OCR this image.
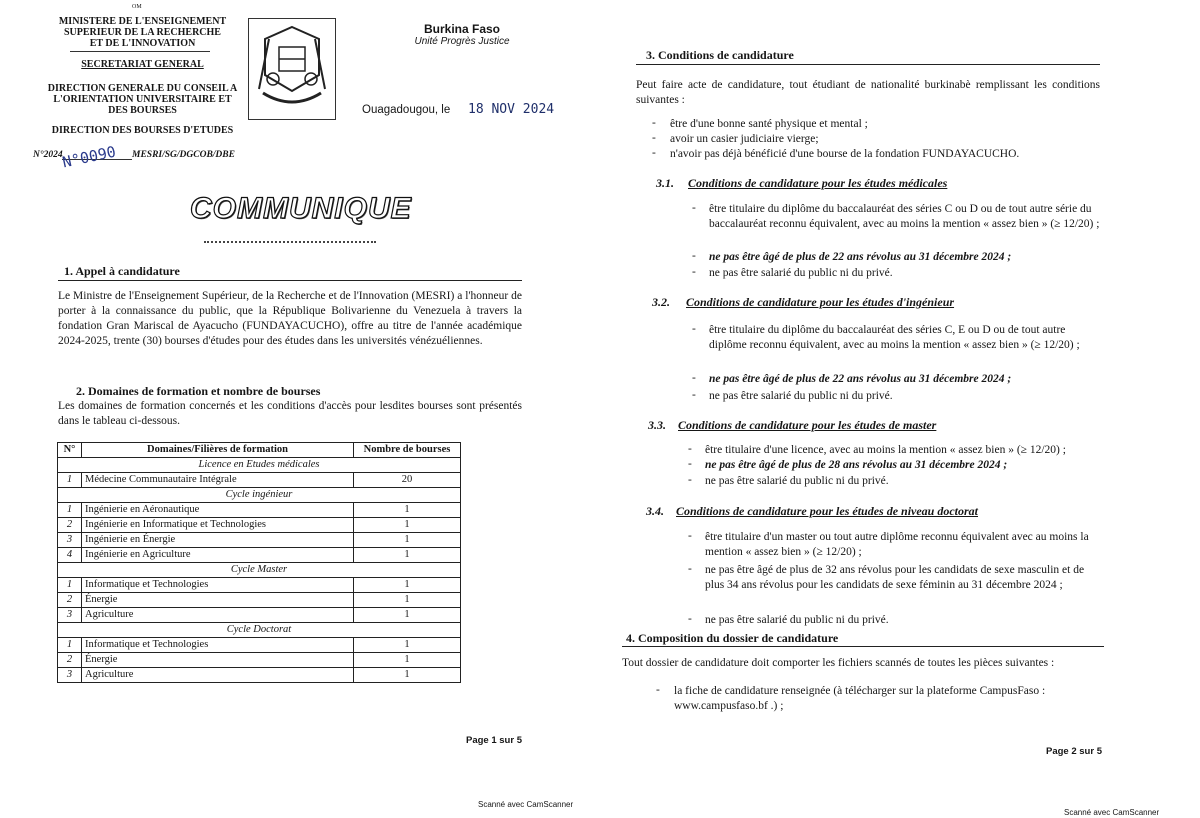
OM
MINISTERE DE L'ENSEIGNEMENT
SUPERIEUR DE LA RECHERCHE
ET DE L'INNOVATION
SECRETARIAT GENERAL
DIRECTION GENERALE DU CONSEIL A
L'ORIENTATION UNIVERSITAIRE ET
DES BOURSES
DIRECTION DES BOURSES D'ETUDES
N°2024
N°0090 MESRI/SG/DGCOB/DBE
Burkina Faso
Unité Progrès Justice
Ouagadougou, le 18 NOV 2024
COMMUNIQUE
1. Appel à candidature
Le Ministre de l'Enseignement Supérieur, de la Recherche et de l'Innovation (MESRI) a l'honneur de porter à la connaissance du public, que la République Bolivarienne du Venezuela à travers la fondation Gran Mariscal de Ayacucho (FUNDAYACUCHO), offre au titre de l'année académique 2024-2025, trente (30) bourses d'études pour des études dans les universités vénézuéliennes.
2. Domaines de formation et nombre de bourses
Les domaines de formation concernés et les conditions d'accès pour lesdites bourses sont présentés dans le tableau ci-dessous.
N°	Domaines/Filières de formation	Nombre de bourses
Licence en Etudes médicales		
1	Médecine Communautaire Intégrale	20
Cycle ingénieur		
1	Ingénierie en Aéronautique	1
2	Ingénierie en Informatique et Technologies	1
3	Ingénierie en Énergie	1
4	Ingénierie en Agriculture	1
Cycle Master		
1	Informatique et Technologies	1
2	Énergie	1
3	Agriculture	1
Cycle Doctorat		
1	Informatique et Technologies	1
2	Énergie	1
3	Agriculture	1
Page 1 sur 5
Scanné avec CamScanner
3. Conditions de candidature
Peut faire acte de candidature, tout étudiant de nationalité burkinabè remplissant les conditions suivantes :
- être d'une bonne santé physique et mental ;
- avoir un casier judiciaire vierge;
- n'avoir pas déjà bénéficié d'une bourse de la fondation FUNDAYACUCHO.
3.1. Conditions de candidature pour les études médicales
- être titulaire du diplôme du baccalauréat des séries C ou D ou de tout autre série du baccalauréat reconnu équivalent, avec au moins la mention « assez bien » (≥ 12/20) ;
- ne pas être âgé de plus de 22 ans révolus au 31 décembre 2024 ;
- ne pas être salarié du public ni du privé.
3.2. Conditions de candidature pour les études d'ingénieur
- être titulaire du diplôme du baccalauréat des séries C, E ou D ou de tout autre diplôme reconnu équivalent, avec au moins la mention « assez bien » (≥ 12/20) ;
- ne pas être âgé de plus de 22 ans révolus au 31 décembre 2024 ;
- ne pas être salarié du public ni du privé.
3.3. Conditions de candidature pour les études de master
- être titulaire d'une licence, avec au moins la mention « assez bien » (≥ 12/20) ;
- ne pas être âgé de plus de 28 ans révolus au 31 décembre 2024 ;
- ne pas être salarié du public ni du privé.
3.4. Conditions de candidature pour les études de niveau doctorat
- être titulaire d'un master ou tout autre diplôme reconnu équivalent avec au moins la mention « assez bien » (≥ 12/20) ;
- ne pas être âgé de plus de 32 ans révolus pour les candidats de sexe masculin et de plus 34 ans révolus pour les candidats de sexe féminin au 31 décembre 2024 ;
- ne pas être salarié du public ni du privé.
4. Composition du dossier de candidature
Tout dossier de candidature doit comporter les fichiers scannés de toutes les pièces suivantes :
- la fiche de candidature renseignée (à télécharger sur la plateforme CampusFaso : www.campusfaso.bf .) ;
Page 2 sur 5
Scanné avec CamScanner
